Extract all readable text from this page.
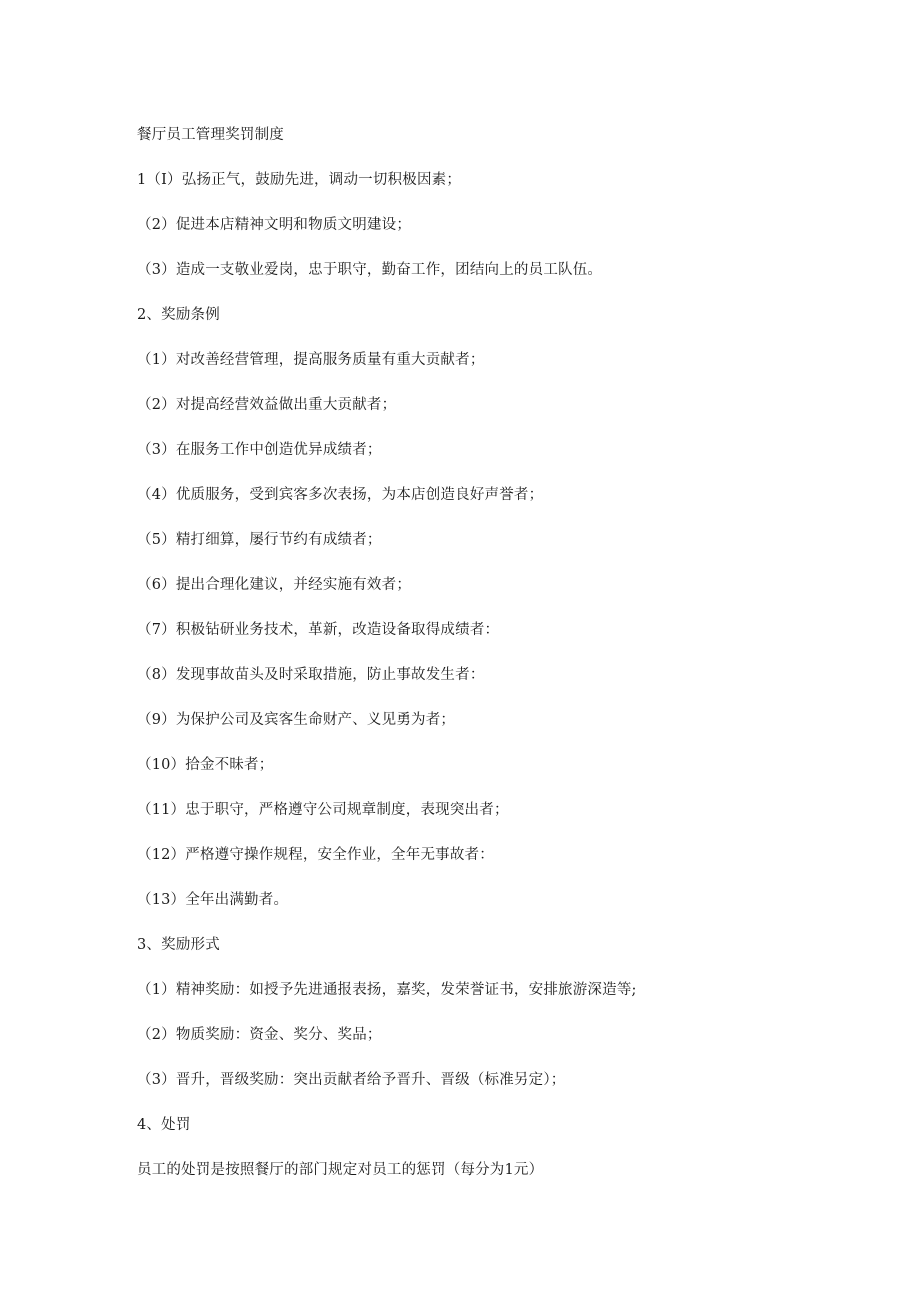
餐厅员工管理奖罚制度
1（I）弘扬正气，鼓励先进，调动一切积极因素；
（2）促进本店精神文明和物质文明建设；
（3）造成一支敬业爱岗，忠于职守，勤奋工作，团结向上的员工队伍。
2、奖励条例
（1）对改善经营管理，提高服务质量有重大贡献者；
（2）对提高经营效益做出重大贡献者；
（3）在服务工作中创造优异成绩者；
（4）优质服务，受到宾客多次表扬，为本店创造良好声誉者；
（5）精打细算，屡行节约有成绩者；
（6）提出合理化建议，并经实施有效者；
（7）积极钻研业务技术，革新，改造设备取得成绩者：
（8）发现事故苗头及时采取措施，防止事故发生者：
（9）为保护公司及宾客生命财产、义见勇为者；
（10）拾金不昧者；
（11）忠于职守，严格遵守公司规章制度，表现突出者；
（12）严格遵守操作规程，安全作业，全年无事故者：
（13）全年出满勤者。
3、奖励形式
（1）精神奖励：如授予先进通报表扬，嘉奖，发荣誉证书，安排旅游深造等;
（2）物质奖励：资金、奖分、奖品；
（3）晋升，晋级奖励：突出贡献者给予晋升、晋级（标准另定）；
4、处罚
员工的处罚是按照餐厅的部门规定对员工的惩罚（每分为1元）
